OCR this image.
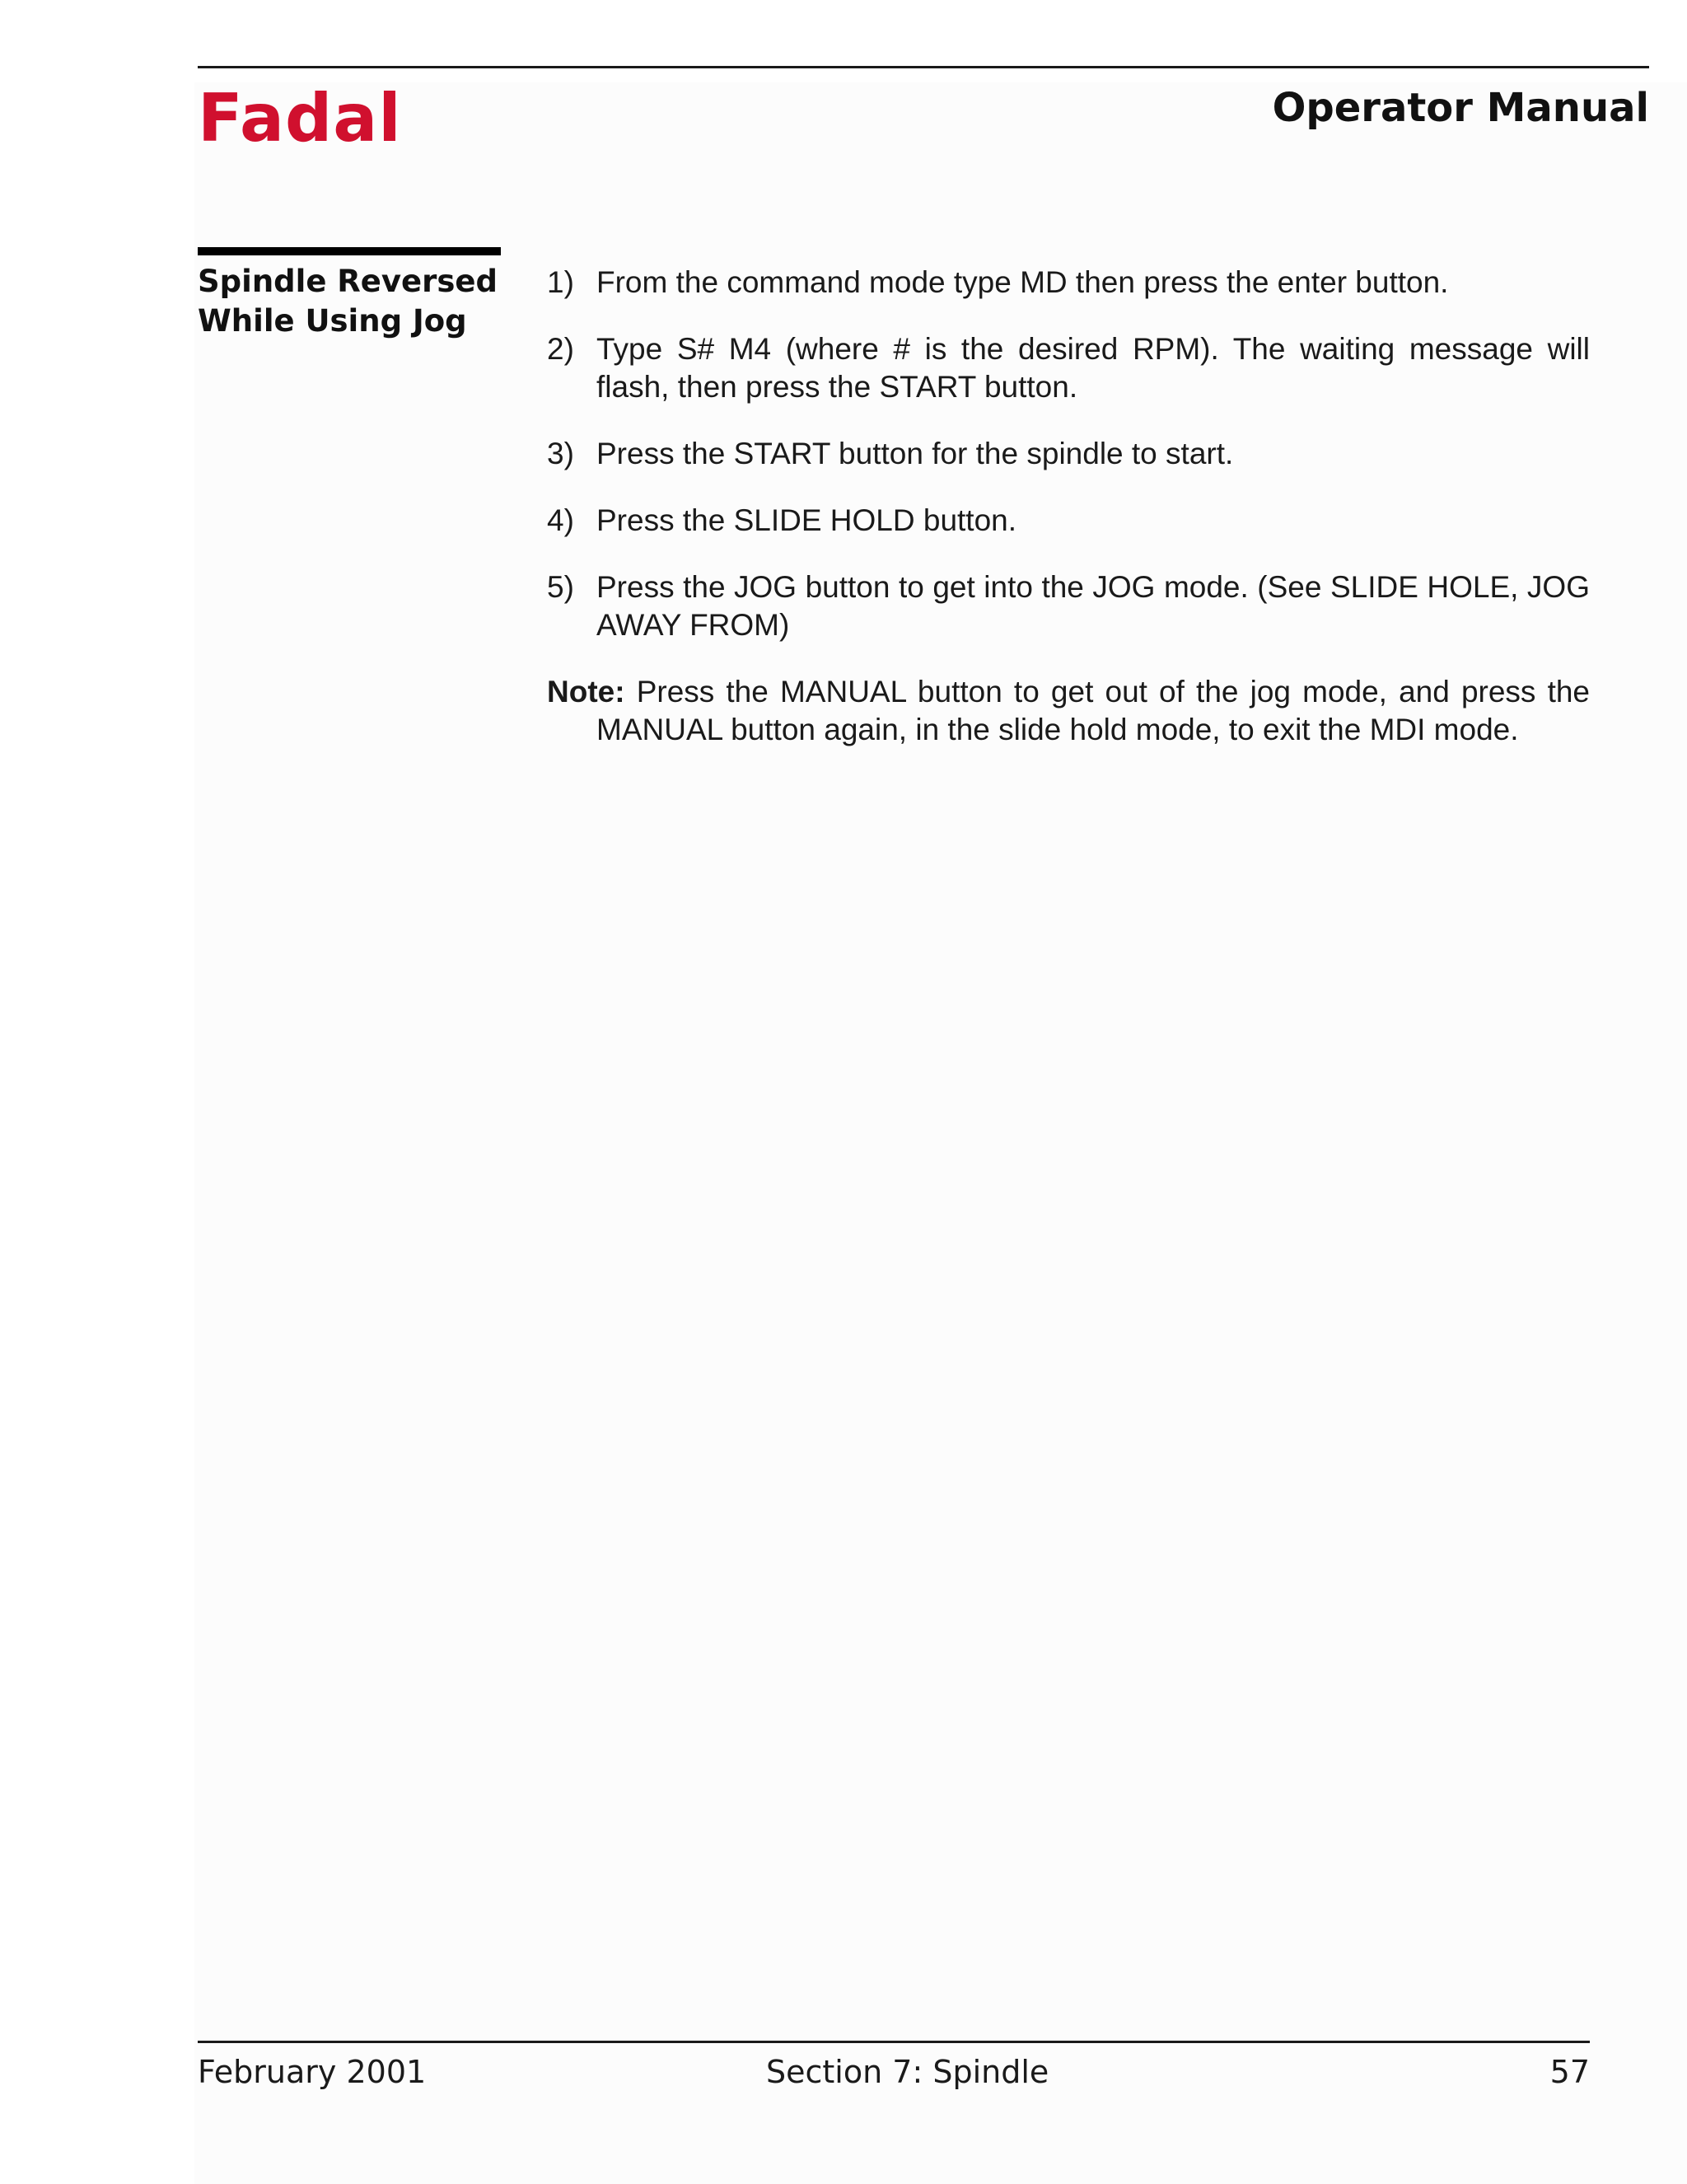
Fadal	Operator Manual
Spindle Reversed
While Using Jog

1) From the command mode type MD then press the enter button.

2) Type S# M4 (where # is the desired RPM). The waiting message will flash, then press the START button.

3) Press the START button for the spindle to start.

4) Press the SLIDE HOLD button.

5) Press the JOG button to get into the JOG mode. (See SLIDE HOLE, JOG AWAY FROM)

Note: Press the MANUAL button to get out of the jog mode, and press the MANUAL button again, in the slide hold mode, to exit the MDI mode.

February 2001	Section 7: Spindle	57
